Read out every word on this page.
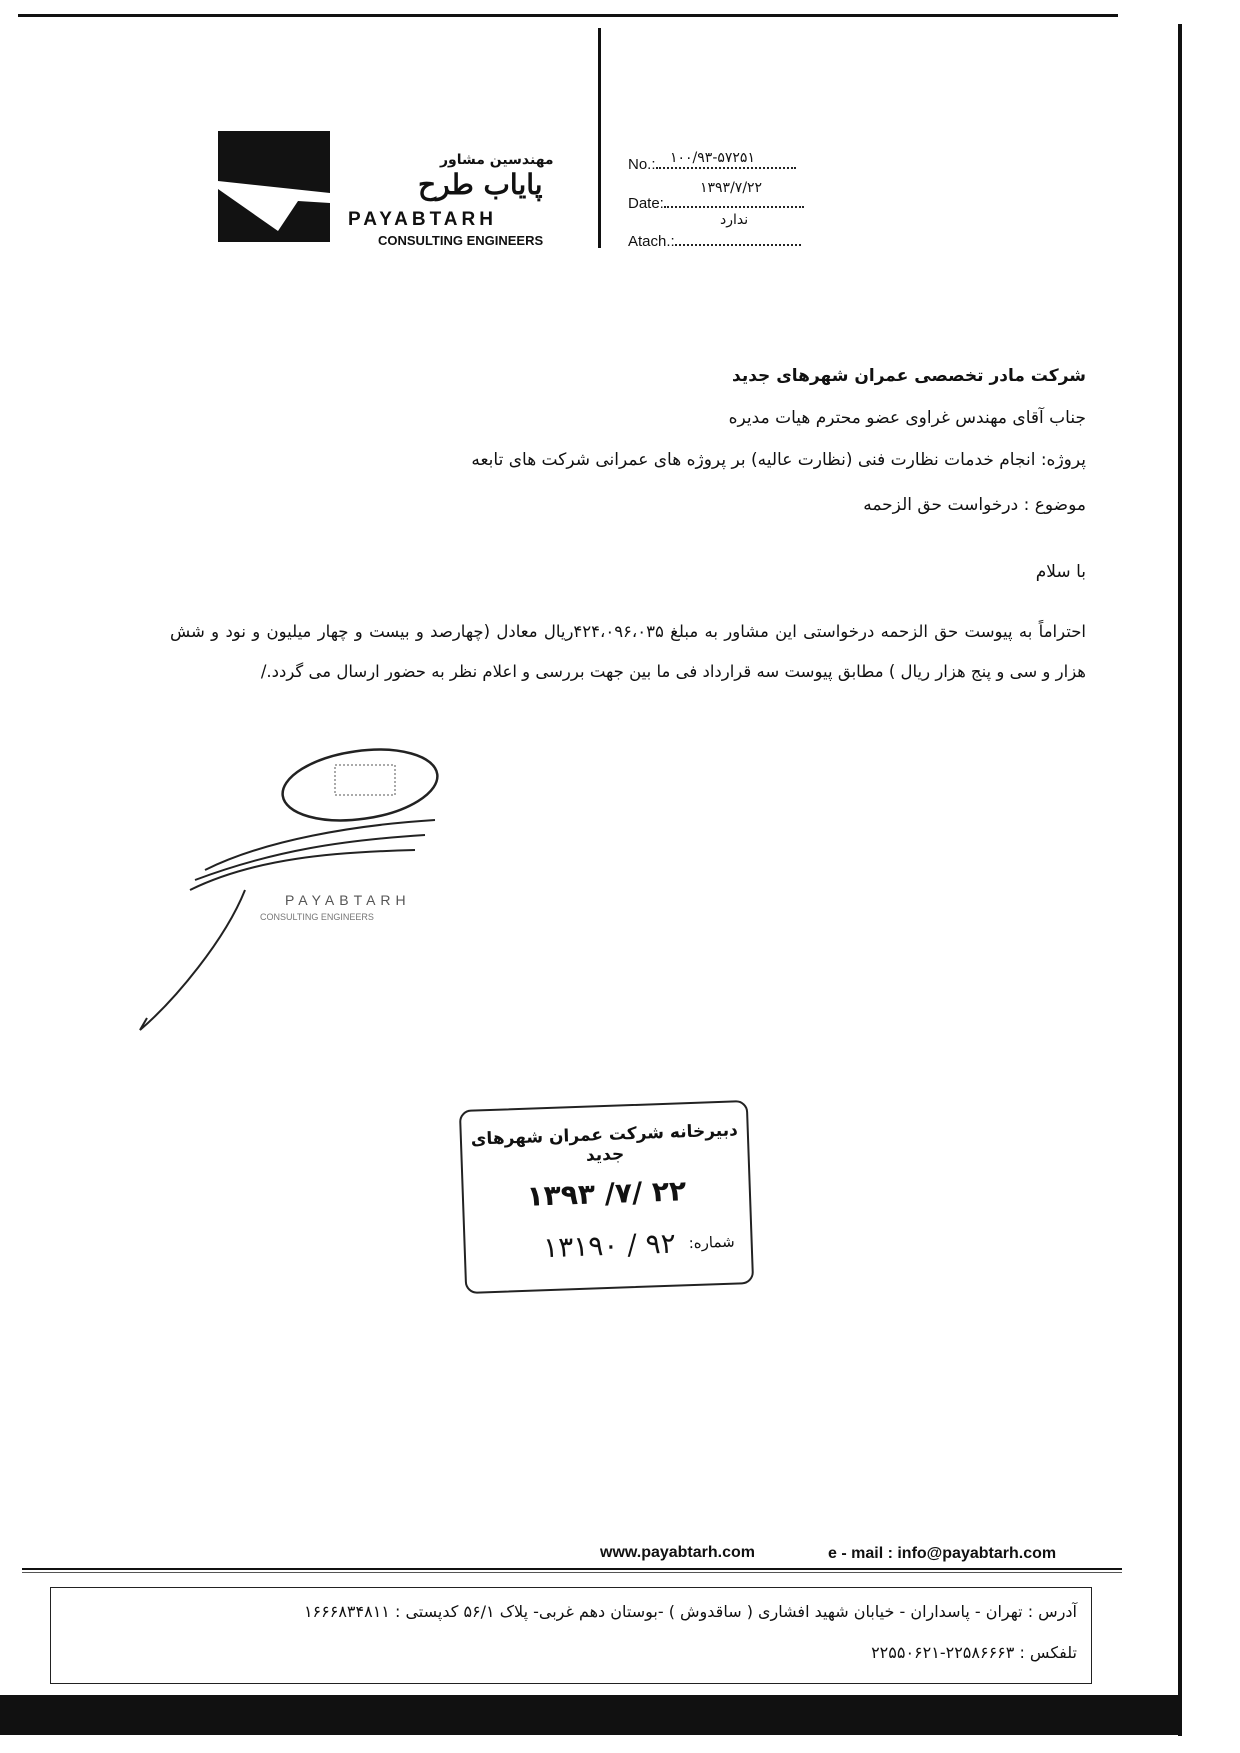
مهندسین مشاور
پایاب طرح
PAYABTARH
CONSULTING ENGINEERS
No.:	۱۰۰/۹۳-۵۷۲۵۱
Date:
۱۳۹۳/۷/۲۲
Atach.:
ندارد
شرکت مادر تخصصی عمران شهرهای جدید
جناب آقای مهندس غراوی عضو محترم هیات مدیره
پروژه: انجام خدمات نظارت فنی (نظارت عالیه) بر پروژه های عمرانی شرکت های تابعه
موضوع : درخواست حق الزحمه
با سلام
احتراماً به پیوست حق الزحمه درخواستی این مشاور به مبلغ ۴۲۴،۰۹۶،۰۳۵ریال معادل (چهارصد و بیست و چهار میلیون و نود و شش هزار و سی و پنج هزار ریال ) مطابق پیوست سه قرارداد فی ما بین جهت بررسی و اعلام نظر به حضور ارسال می گردد./
PAYABTARH
CONSULTING ENGINEERS
دبیرخانه شرکت عمران شهرهای جدید
۱۳۹۳ /۷/ ۲۲
شماره:
۱۳۱۹۰ / ۹۲
www.payabtarh.com	e - mail : info@payabtarh.com
آدرس : تهران - پاسداران - خیابان شهید افشاری ( ساقدوش ) -بوستان دهم غربی- پلاک ۵۶/۱ کدپستی : ۱۶۶۶۸۳۴۸۱۱
تلفکس : ۲۲۵۸۶۶۶۳-۲۲۵۵۰۶۲۱
